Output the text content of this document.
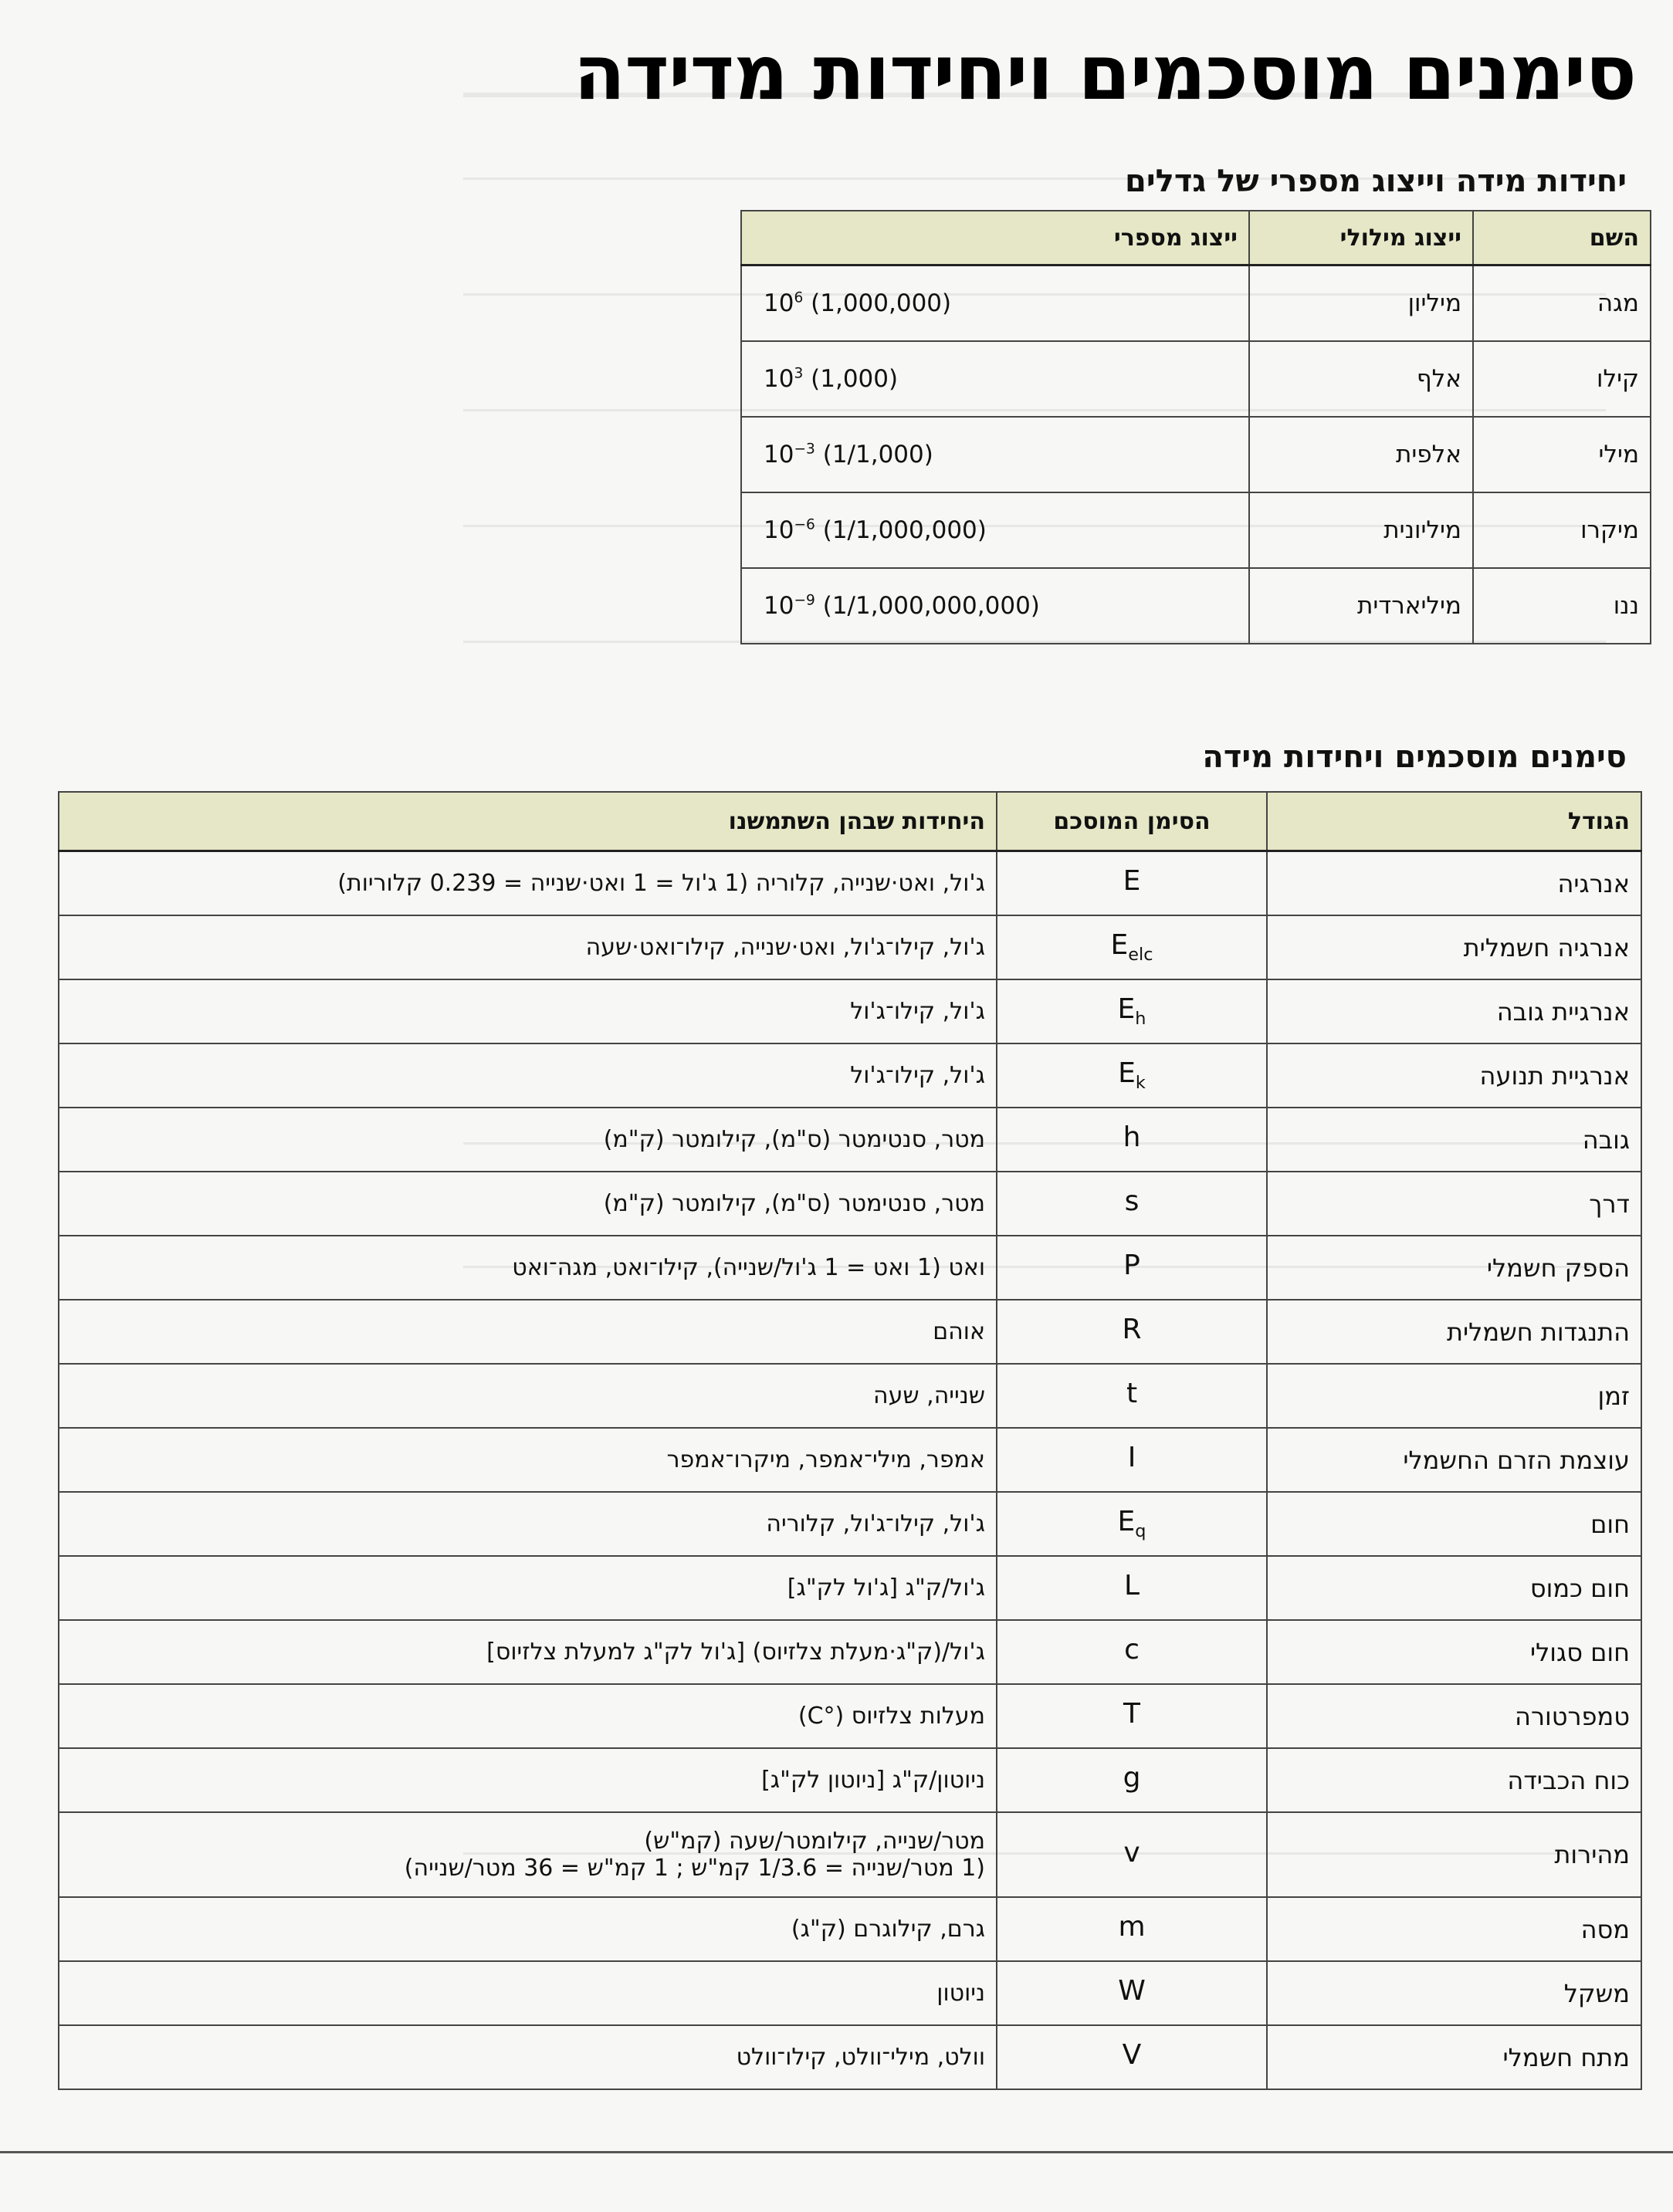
סימנים מוסכמים ויחידות מדידה
יחידות מידה וייצוג מספרי של גדלים
השם	ייצוג מילולי	ייצוג מספרי
מגה	מיליון	$10^6$ (1,000,000)
קילו	אלף	$10^3$ (1,000)
מילי	אלפית	$10^{-3}$ (1/1,000)
מיקרו	מיליונית	$10^{-6}$ (1/1,000,000)
ננו	מיליארדית	$10^{-9}$ (1/1,000,000,000)
סימנים מוסכמים ויחידות מידה
הגודל	הסימן המוסכם	היחידות שבהן השתמשנו
אנרגיה	E	ג'ול, ואט·שנייה, קלוריה (1 ג'ול = 1 ואט·שנייה = 0.239 קלוריות)

אנרגיה חשמלית	$E_{elc}$	ג'ול, קילו־ג'ול, ואט·שנייה, קילו־ואט·שעה

אנרגיית גובה	$E_h$	ג'ול, קילו־ג'ול

אנרגיית תנועה	$E_k$	ג'ול, קילו־ג'ול

גובה	h	מטר, סנטימטר (ס"מ), קילומטר (ק"מ)

דרך	s	מטר, סנטימטר (ס"מ), קילומטר (ק"מ)

הספק חשמלי	P	ואט (1 ואט = 1 ג'ול/שנייה), קילו־ואט, מגה־ואט

התנגדות חשמלית	R	אוהם

זמן	t	שנייה, שעה

עוצמת הזרם החשמלי	I	אמפר, מילי־אמפר, מיקרו־אמפר

חום	$E_q$	ג'ול, קילו־ג'ול, קלוריה

חום כמוס	L	ג'ול/ק"ג [ג'ול לק"ג]

חום סגולי	c	ג'ול/(ק"ג·מעלת צלזיוס) [ג'ול לק"ג למעלת צלזיוס]

טמפרטורה	T	מעלות צלזיוס (°C)

כוח הכבידה	g	ניוטון/ק"ג [ניוטון לק"ג]

מהירות	v	מטר/שנייה, קילומטר/שעה (קמ"ש)
(1 מטר/שנייה = 1/3.6 קמ"ש ; 1 קמ"ש = 36 מטר/שנייה)

מסה	m	גרם, קילוגרם (ק"ג)

משקל	W	ניוטון

מתח חשמלי	V	וולט, מילי־וולט, קילו־וולט
